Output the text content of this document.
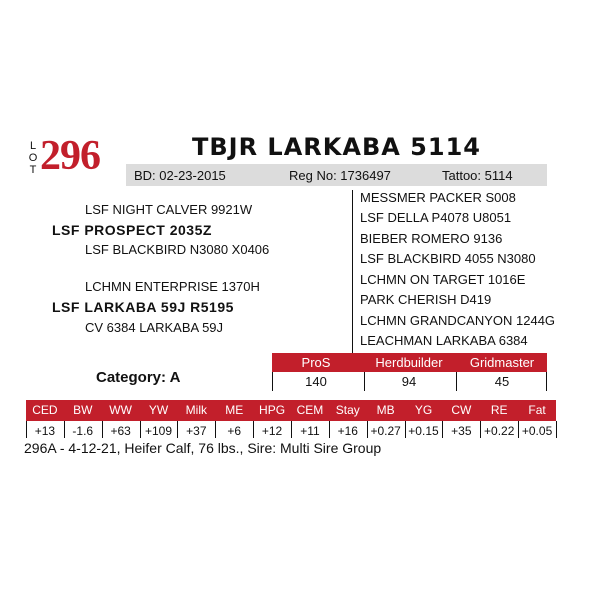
L
O
T 296	TBJR LARKABA 5114
BD: 02-23-2015	Reg No: 1736497	Tattoo: 5114
LSF NIGHT CALVER 9921W
LSF PROSPECT 2035Z
LSF BLACKBIRD N3080 X0406
LCHMN ENTERPRISE 1370H
LSF LARKABA 59J R5195
CV 6384 LARKABA 59J
MESSMER PACKER S008
LSF DELLA P4078 U8051
BIEBER ROMERO 9136
LSF BLACKBIRD 4055 N3080
LCHMN ON TARGET 1016E
PARK CHERISH D419
LCHMN GRANDCANYON 1244G
LEACHMAN LARKABA 6384
Category: A
ProS	Herdbuilder	Gridmaster
140	94	45
CED	BW	WW	YW	Milk	ME	HPG CEM	Stay	MB	YG	CW	RE	Fat
+13	-1.6	+63	+109	+37	+6	+12	+11	+16	+0.27 +0.15	+35	+0.22 +0.05
296A - 4-12-21, Heifer Calf, 76 lbs., Sire: Multi Sire Group
